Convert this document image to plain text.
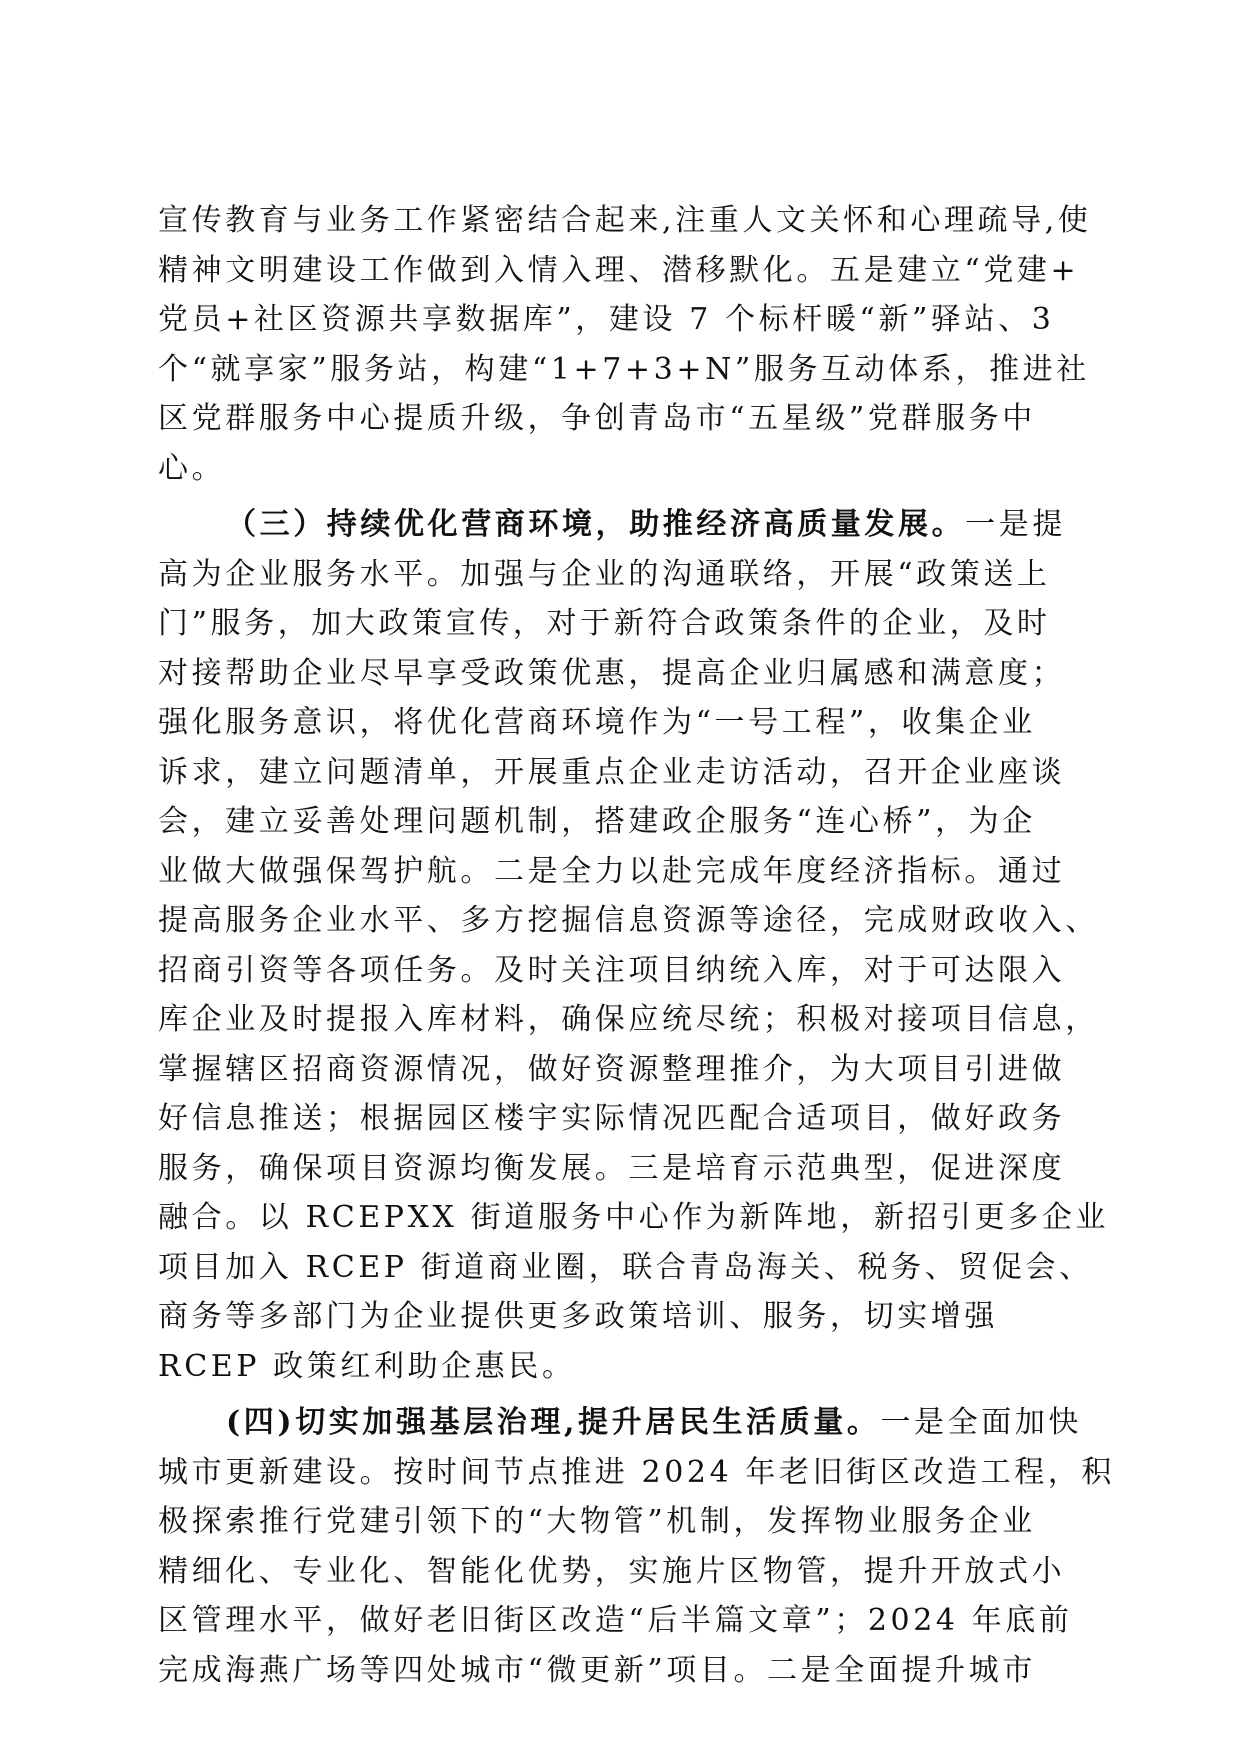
宣传教育与业务工作紧密结合起来,注重人文关怀和心理疏导,使
精神文明建设工作做到入情入理、潜移默化。五是建立“党建+
党员+社区资源共享数据库”，建设 7 个标杆暖“新”驿站、3
个“就享家”服务站，构建“1+7+3+N”服务互动体系，推进社
区党群服务中心提质升级，争创青岛市“五星级”党群服务中
心。
（三）持续优化营商环境，助推经济高质量发展。一是提
高为企业服务水平。加强与企业的沟通联络，开展“政策送上
门”服务，加大政策宣传，对于新符合政策条件的企业，及时
对接帮助企业尽早享受政策优惠，提高企业归属感和满意度；
强化服务意识，将优化营商环境作为“一号工程”，收集企业
诉求，建立问题清单，开展重点企业走访活动，召开企业座谈
会，建立妥善处理问题机制，搭建政企服务“连心桥”，为企
业做大做强保驾护航。二是全力以赴完成年度经济指标。通过
提高服务企业水平、多方挖掘信息资源等途径，完成财政收入、
招商引资等各项任务。及时关注项目纳统入库，对于可达限入
库企业及时提报入库材料，确保应统尽统；积极对接项目信息，
掌握辖区招商资源情况，做好资源整理推介，为大项目引进做
好信息推送；根据园区楼宇实际情况匹配合适项目，做好政务
服务，确保项目资源均衡发展。三是培育示范典型，促进深度
融合。以 RCEPXX 街道服务中心作为新阵地，新招引更多企业
项目加入 RCEP 街道商业圈，联合青岛海关、税务、贸促会、
商务等多部门为企业提供更多政策培训、服务，切实增强
RCEP 政策红利助企惠民。
(四)切实加强基层治理,提升居民生活质量。一是全面加快
城市更新建设。按时间节点推进 2024 年老旧街区改造工程，积
极探索推行党建引领下的“大物管”机制，发挥物业服务企业
精细化、专业化、智能化优势，实施片区物管，提升开放式小
区管理水平，做好老旧街区改造“后半篇文章”；2024 年底前
完成海燕广场等四处城市“微更新”项目。二是全面提升城市
